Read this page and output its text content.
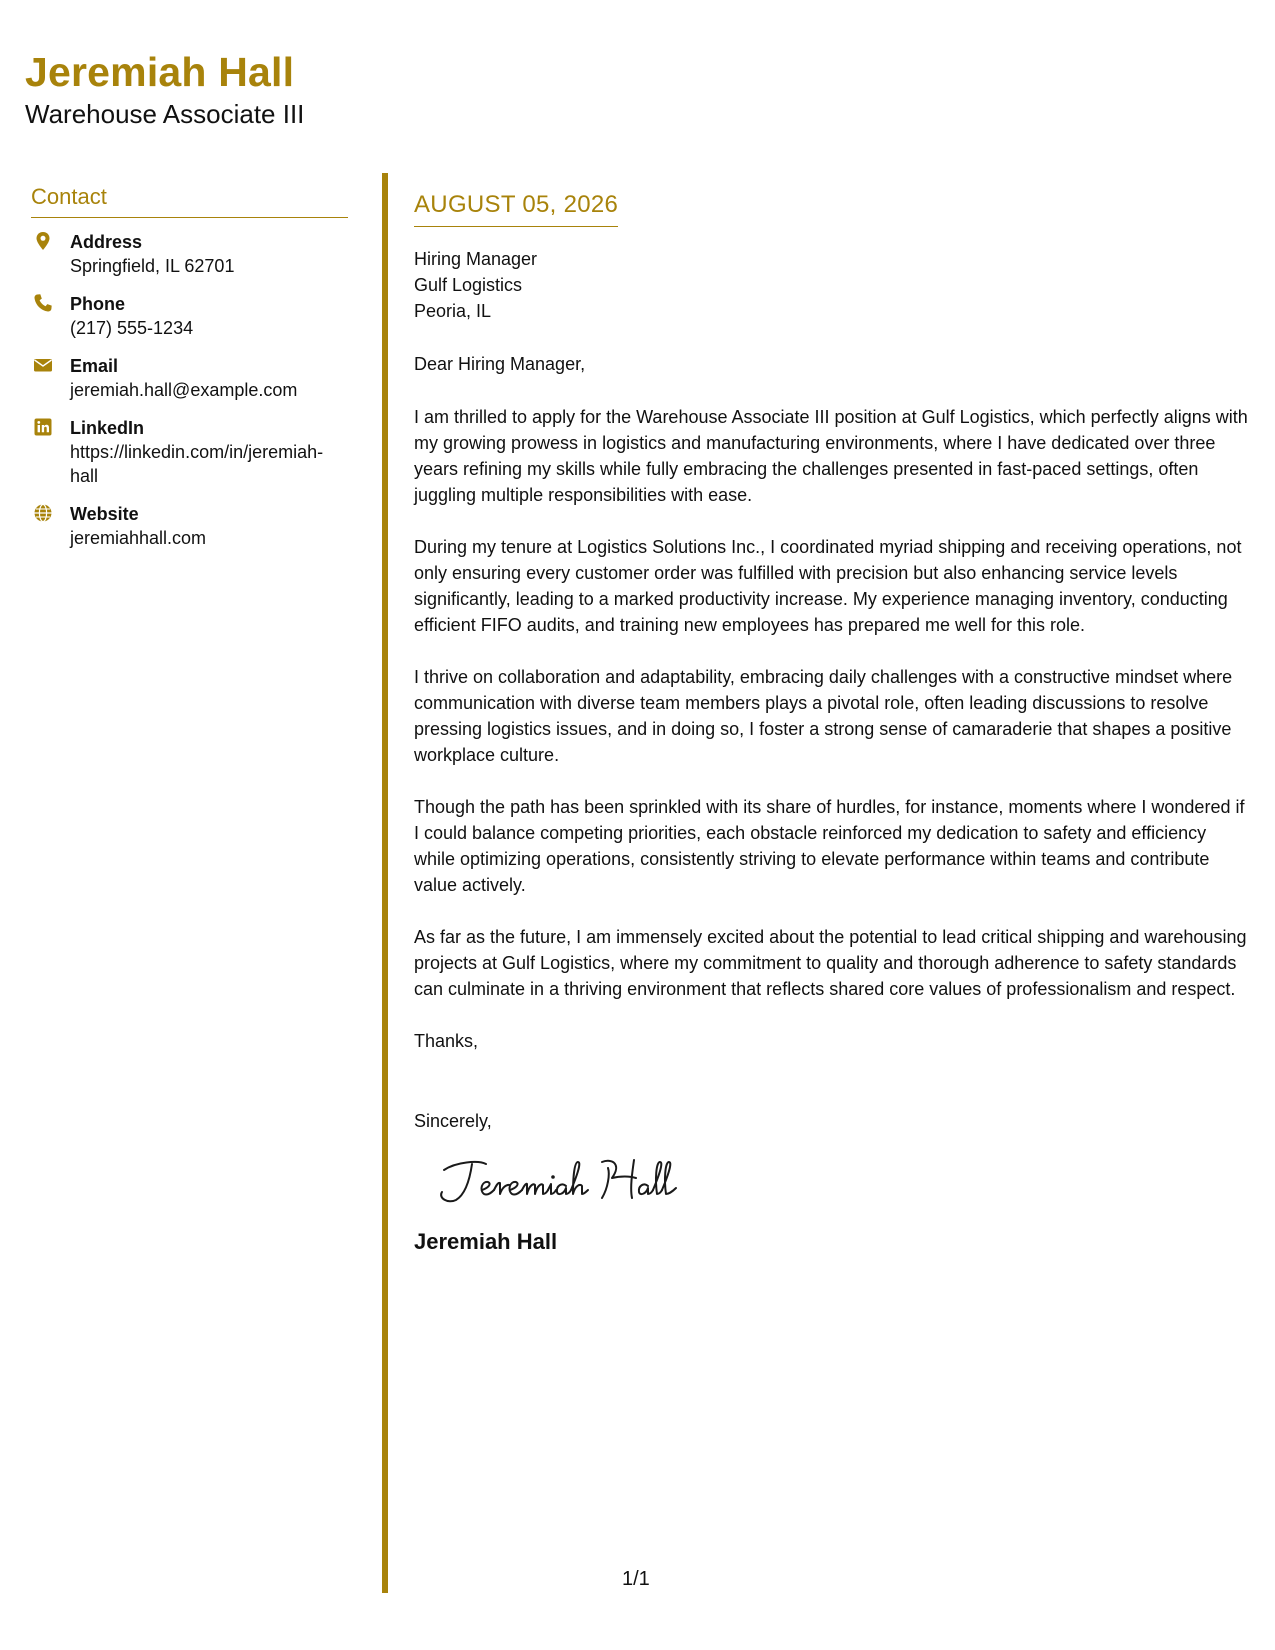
Jeremiah Hall
Warehouse Associate III
Contact
Address
Springfield, IL 62701
Phone
(217) 555-1234
Email
jeremiah.hall@example.com
LinkedIn
https://linkedin.com/in/jeremiah-hall
Website
jeremiahhall.com
AUGUST 05, 2026
Hiring Manager
Gulf Logistics
Peoria, IL
Dear Hiring Manager,

I am thrilled to apply for the Warehouse Associate III position at Gulf Logistics, which perfectly aligns with my growing prowess in logistics and manufacturing environments, where I have dedicated over three years refining my skills while fully embracing the challenges presented in fast-paced settings, often juggling multiple responsibilities with ease.

During my tenure at Logistics Solutions Inc., I coordinated myriad shipping and receiving operations, not only ensuring every customer order was fulfilled with precision but also enhancing service levels significantly, leading to a marked productivity increase. My experience managing inventory, conducting efficient FIFO audits, and training new employees has prepared me well for this role.

I thrive on collaboration and adaptability, embracing daily challenges with a constructive mindset where communication with diverse team members plays a pivotal role, often leading discussions to resolve pressing logistics issues, and in doing so, I foster a strong sense of camaraderie that shapes a positive workplace culture.

Though the path has been sprinkled with its share of hurdles, for instance, moments where I wondered if I could balance competing priorities, each obstacle reinforced my dedication to safety and efficiency while optimizing operations, consistently striving to elevate performance within teams and contribute value actively.

As far as the future, I am immensely excited about the potential to lead critical shipping and warehousing projects at Gulf Logistics, where my commitment to quality and thorough adherence to safety standards can culminate in a thriving environment that reflects shared core values of professionalism and respect.

Thanks,
Sincerely,
Jeremiah Hall
1/1
